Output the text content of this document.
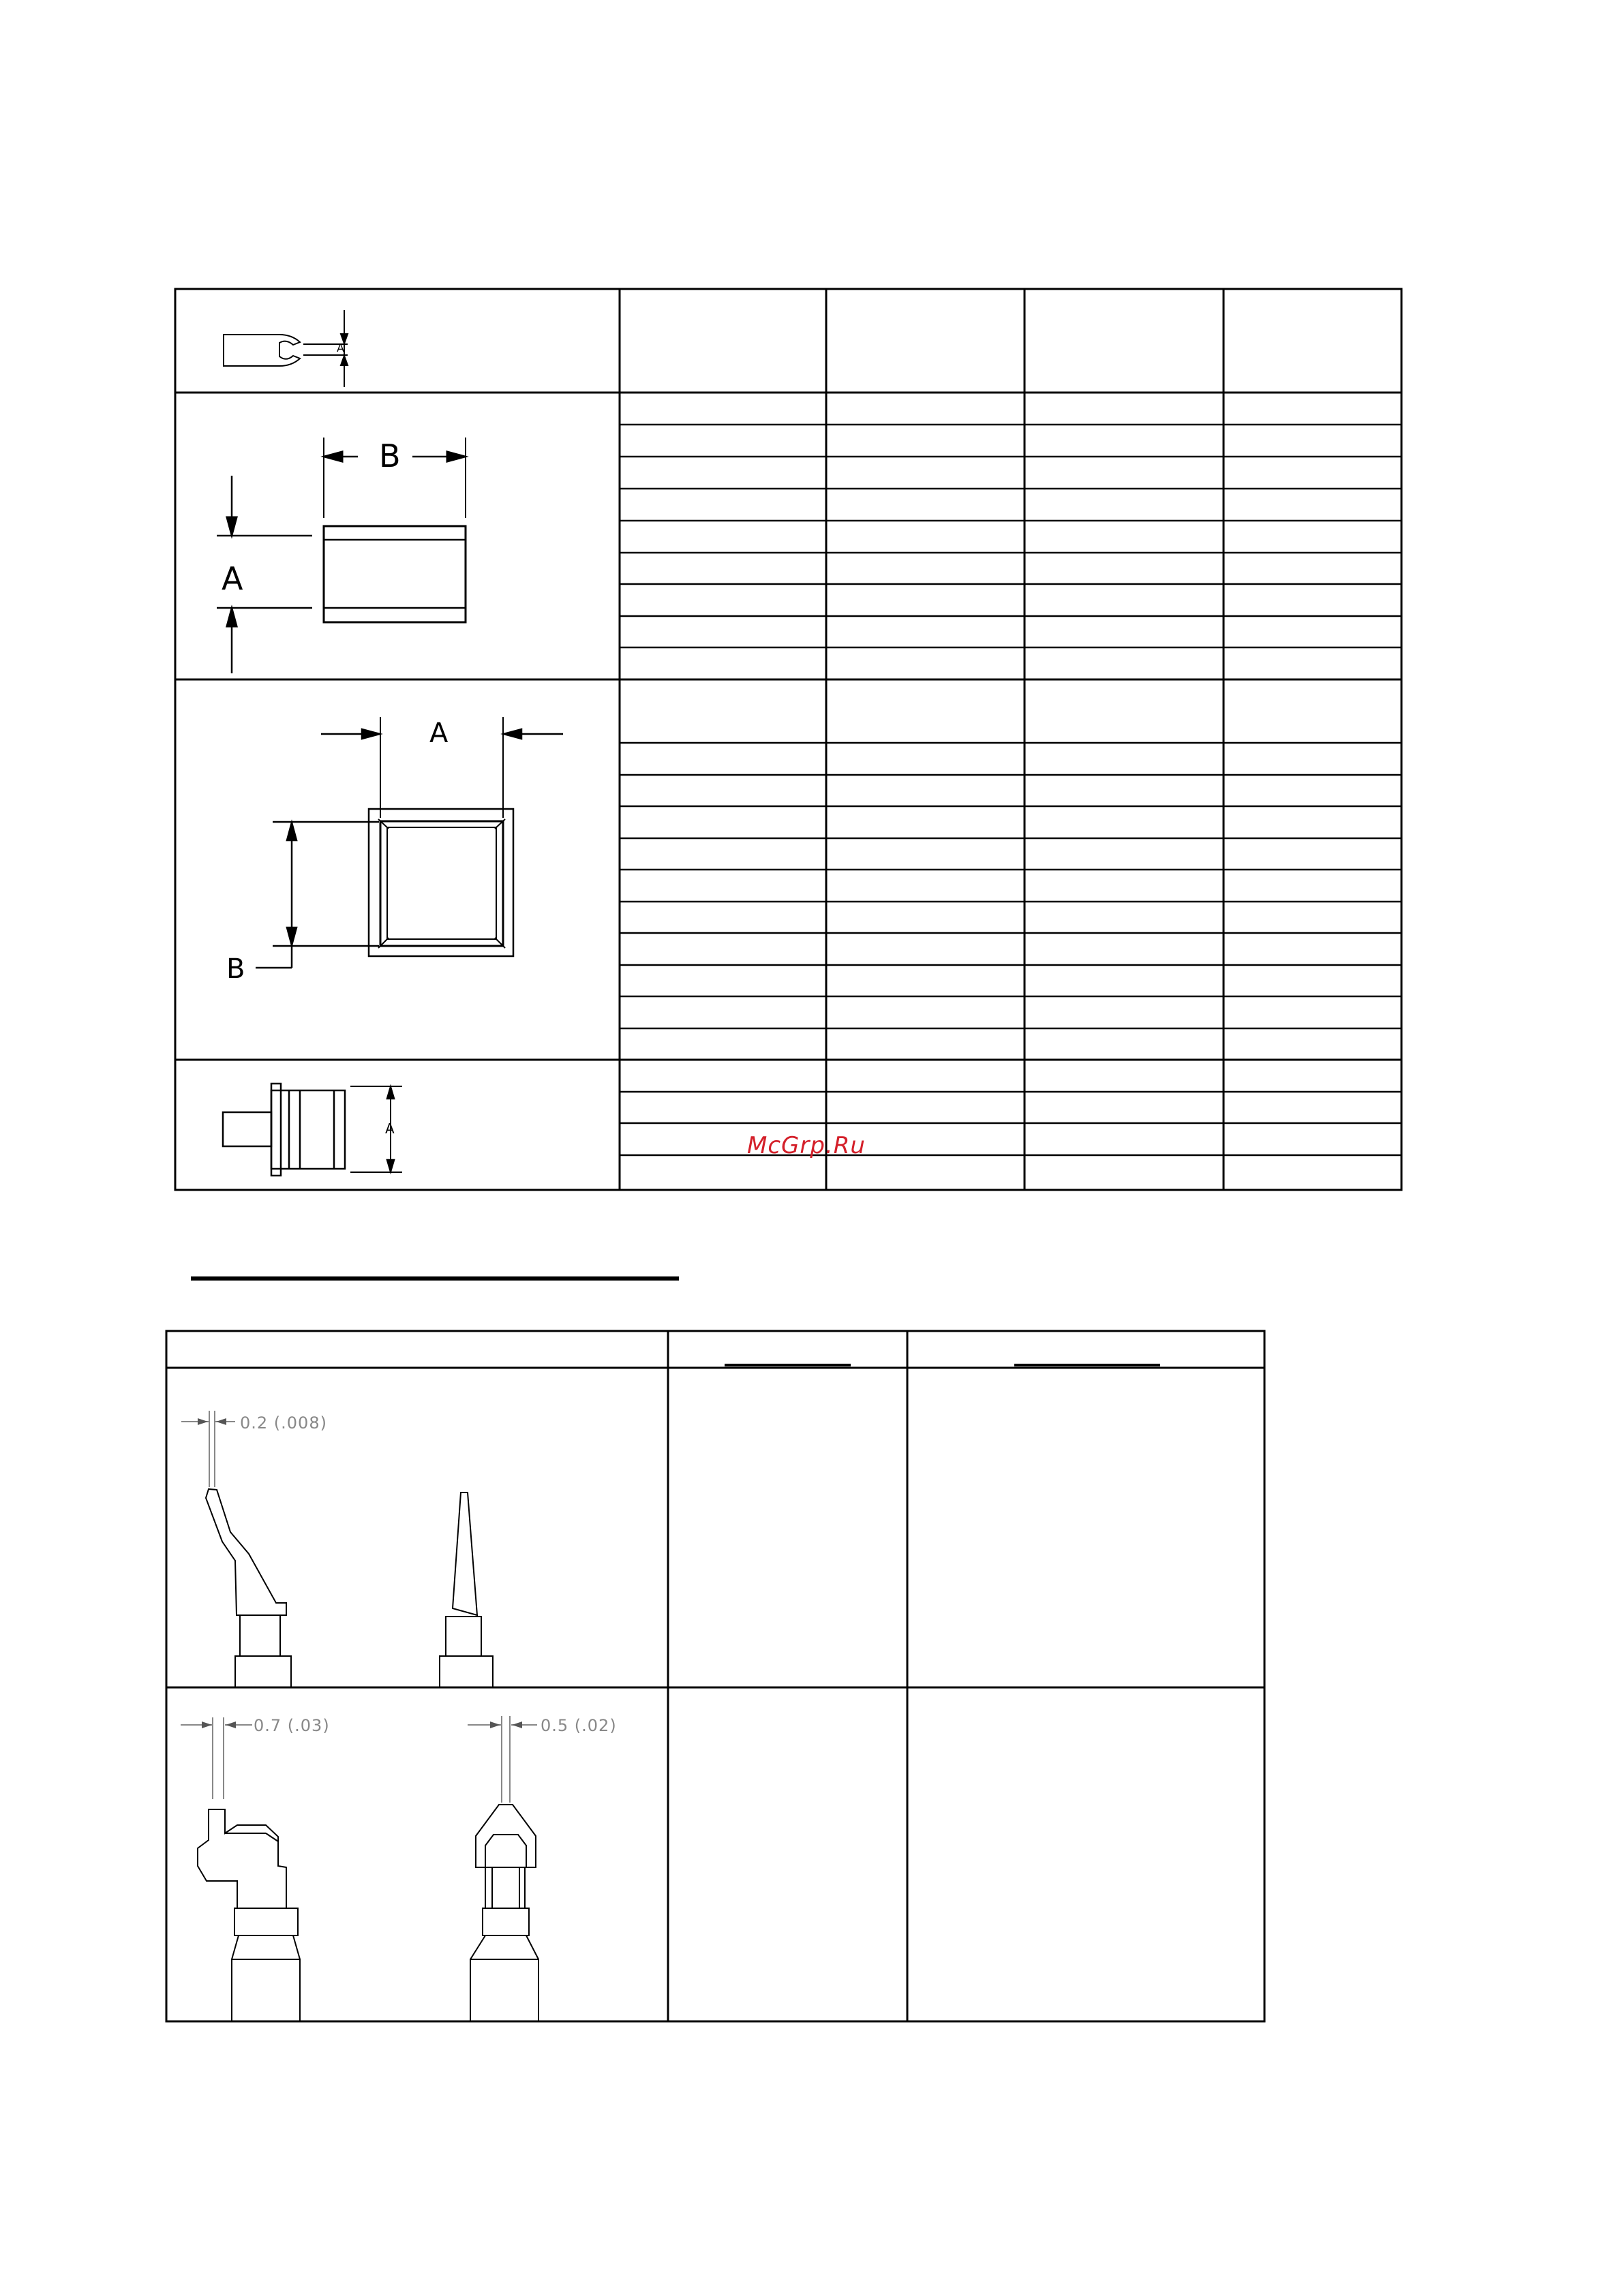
A
B
A
A
B
A
0.2 (.008)
0.7 (.03)	0.5 (.02)
McGrp.Ru
